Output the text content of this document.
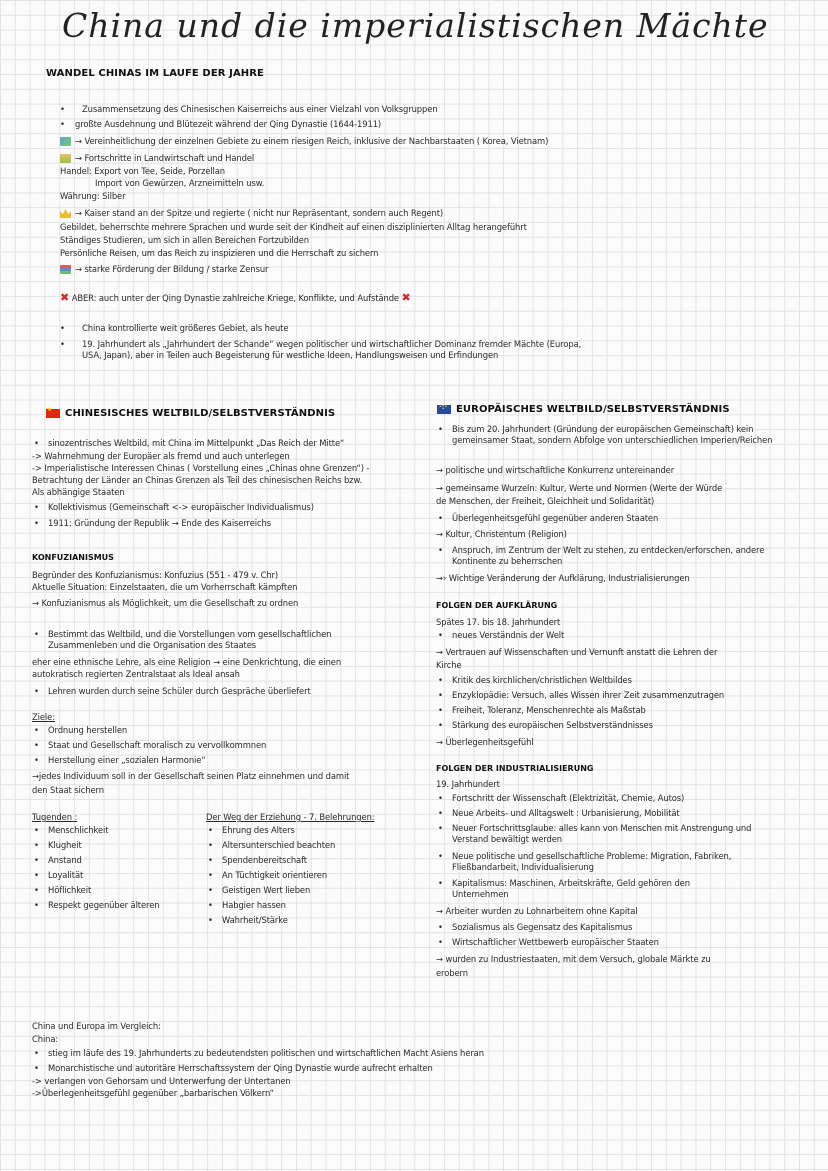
China und die imperialistischen Mächte
WANDEL CHINAS IM LAUFE DER JAHRE
• Zusammensetzung des Chinesischen Kaiserreichs aus einer Vielzahl von Volksgruppen
• großte Ausdehnung und Blütezeit während der Qing Dynastie (1644-1911)
→ Vereinheitlichung der einzelnen Gebiete zu einem riesigen Reich, inklusive der Nachbarstaaten ( Korea, Vietnam)
→ Fortschritte in Landwirtschaft und Handel
Handel: Export von Tee, Seide, Porzellan
Import von Gewürzen, Arzneimitteln usw.
Währung: Silber
→ Kaiser stand an der Spitze und regierte ( nicht nur Repräsentant, sondern auch Regent)
Gebildet, beherrschte mehrere Sprachen und wurde seit der Kindheit auf einen disziplinierten Alltag herangeführt
Ständiges Studieren, um sich in allen Bereichen Fortzubilden
Persönliche Reisen, um das Reich zu inspizieren und die Herrschaft zu sichern
→ starke Förderung der Bildung / starke Zensur
✖ ABER: auch unter der Qing Dynastie zahlreiche Kriege, Konflikte, und Aufstände ✖
• China kontrollierte weit größeres Gebiet, als heute
• 19. Jahrhundert als „Jahrhundert der Schande“ wegen politischer und wirtschaftlicher Dominanz fremder Mächte (Europa, USA, Japan), aber in Teilen auch Begeisterung für westliche Ideen, Handlungsweisen und Erfindungen
★CHINESISCHES WELTBILD/SELBSTVERSTÄNDNIS
• sinozentrisches Weltbild, mit China im Mittelpunkt „Das Reich der Mitte“
-> Wahrnehmung der Europäer als fremd und auch unterlegen
-> Imperialistische Interessen Chinas ( Vorstellung eines „Chinas ohne Grenzen“) -
Betrachtung der Länder an Chinas Grenzen als Teil des chinesischen Reichs bzw.
Als abhängige Staaten
• Kollektivismus (Gemeinschaft <-> europäischer Individualismus)
• 1911: Gründung der Republik → Ende des Kaiserreichs
KONFUZIANISMUS
Begründer des Konfuzianismus: Konfuzius (551 - 479 v. Chr)
Aktuelle Situation: Einzelstaaten, die um Vorherrschaft kämpften
→ Konfuzianismus als Möglichkeit, um die Gesellschaft zu ordnen
• Bestimmt das Weltbild, und die Vorstellungen vom gesellschaftlichen Zusammenleben und die Organisation des Staates
eher eine ethnische Lehre, als eine Religion → eine Denkrichtung, die einen
autokratisch regierten Zentralstaat als Ideal ansah
• Lehren wurden durch seine Schüler durch Gespräche überliefert
Ziele:
• Ordnung herstellen
• Staat und Gesellschaft moralisch zu vervollkommnen
• Herstellung einer „sozialen Harmonie“
→jedes Individuum soll in der Gesellschaft seinen Platz einnehmen und damit
den Staat sichern
Tugenden :
• Menschlichkeit
• Klugheit
• Anstand
• Loyalität
• Höflichkeit
• Respekt gegenüber älteren
Der Weg der Erziehung - 7. Belehrungen:
• Ehrung des Alters
• Altersunterschied beachten
• Spendenbereitschaft
• An Tüchtigkeit orientieren
• Geistigen Wert lieben
• Habgier hassen
• Wahrheit/Stärke
·:·EUROPÄISCHES WELTBILD/SELBSTVERSTÄNDNIS
• Bis zum 20. Jahrhundert (Gründung der europäischen Gemeinschaft) kein gemeinsamer Staat, sondern Abfolge von unterschiedlichen Imperien/Reichen
→ politische und wirtschaftliche Konkurrenz untereinander
→ gemeinsame Wurzeln: Kultur, Werte und Normen (Werte der Würde
de Menschen, der Freiheit, Gleichheit und Solidarität)
• Überlegenheitsgefühl gegenüber anderen Staaten
→ Kultur, Christentum (Religion)
• Anspruch, im Zentrum der Welt zu stehen, zu entdecken/erforschen, andere Kontinente zu beherrschen
→› Wichtige Veränderung der Aufklärung, Industrialisierungen
FOLGEN DER AUFKLÄRUNG
Spätes 17. bis 18. Jahrhundert
• neues Verständnis der Welt
→ Vertrauen auf Wissenschaften und Vernunft anstatt die Lehren der
Kirche
• Kritik des kirchlichen/christlichen Weltbildes
• Enzyklopädie: Versuch, alles Wissen ihrer Zeit zusammenzutragen
• Freiheit, Toleranz, Menschenrechte als Maßstab
• Stärkung des europäischen Selbstverständnisses
→ Überlegenheitsgefühl
FOLGEN DER INDUSTRIALISIERUNG
19. Jahrhundert
• Fortschritt der Wissenschaft (Elektrizität, Chemie, Autos)
• Neue Arbeits- und Alltagswelt : Urbanisierung, Mobilität
• Neuer Fortschrittsglaube: alles kann von Menschen mit Anstrengung und Verstand bewältigt werden
• Neue politische und gesellschaftliche Probleme: Migration, Fabriken, Fließbandarbeit, Individualisierung
• Kapitalismus: Maschinen, Arbeitskräfte, Geld gehören den Unternehmen
→ Arbeiter wurden zu Lohnarbeitern ohne Kapital
• Sozialismus als Gegensatz des Kapitalismus
• Wirtschaftlicher Wettbewerb europäischer Staaten
→ wurden zu Industriestaaten, mit dem Versuch, globale Märkte zu
erobern
China und Europa im Vergleich:
China:
• stieg im läufe des 19. Jahrhunderts zu bedeutendsten politischen und wirtschaftlichen Macht Asiens heran
• Monarchistische und autoritäre Herrschaftssystem der Qing Dynastie wurde aufrecht erhalten
-> verlangen von Gehorsam und Unterwerfung der Untertanen
->Überlegenheitsgefühl gegenüber „barbarischen Völkern“
